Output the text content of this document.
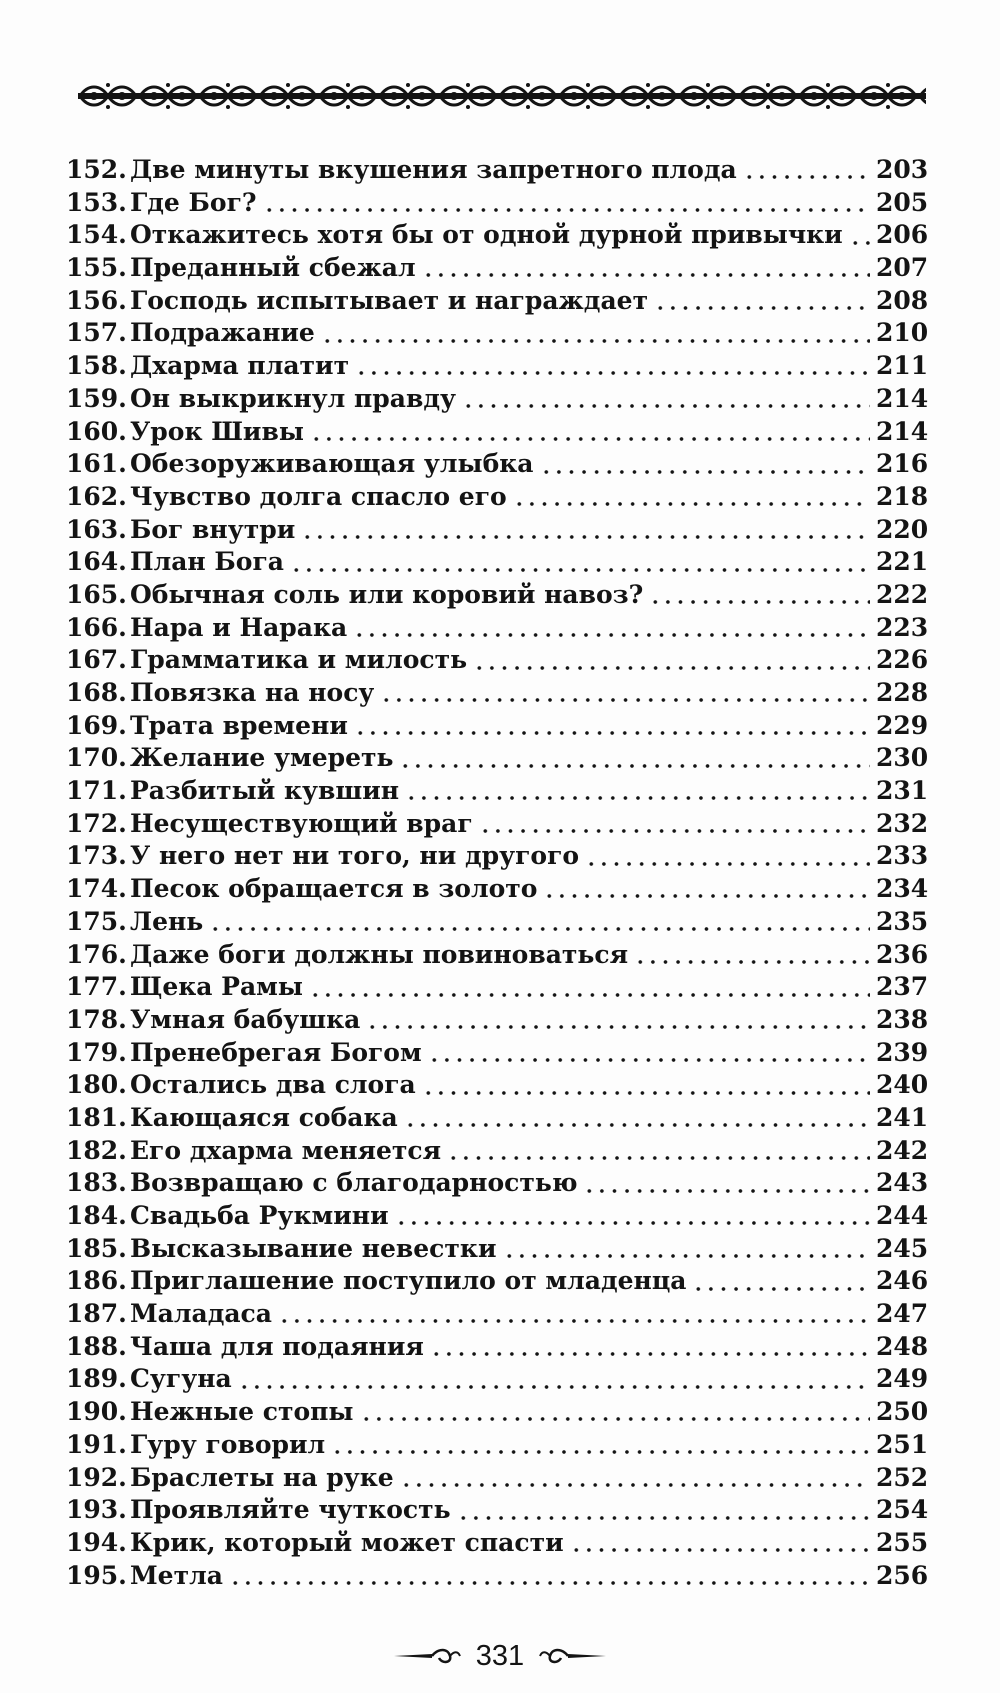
152. Две минуты вкушения запретного плода	203
153. Где Бог?	205
154. Откажитесь хотя бы от одной дурной привычки 206
155. Преданный сбежал	207
156. Господь испытывает и награждает	208
157. Подражание	210
158. Дхарма платит	211
159. Он выкрикнул правду	214
160. Урок Шивы	214
161. Обезоруживающая улыбка	216
162. Чувство долга спасло его	218
163. Бог внутри	220
164. План Бога	221
165. Обычная соль или коровий навоз?	222
166. Нара и Нарака	223
167. Грамматика и милость	226
168. Повязка на носу	228
169. Трата времени	229
170. Желание умереть	230
171. Разбитый кувшин	231
172. Несуществующий враг	232
173. У него нет ни того, ни другого	233
174. Песок обращается в золото	234
175. Лень	235
176. Даже боги должны повиноваться	236
177. Щека Рамы	237
178. Умная бабушка	238
179. Пренебрегая Богом	239
180. Остались два слога	240
181. Кающаяся собака	241
182. Его дхарма меняется	242
183. Возвращаю с благодарностью	243
184. Свадьба Рукмини	244
185. Высказывание невестки	245
186. Приглашение поступило от младенца	246
187. Маладаса	247
188. Чаша для подаяния	248
189. Сугуна	249
190. Нежные стопы	250
191. Гуру говорил	251
192. Браслеты на руке	252
193. Проявляйте чуткость	254
194. Крик, который может спасти	255
195. Метла	256
331
